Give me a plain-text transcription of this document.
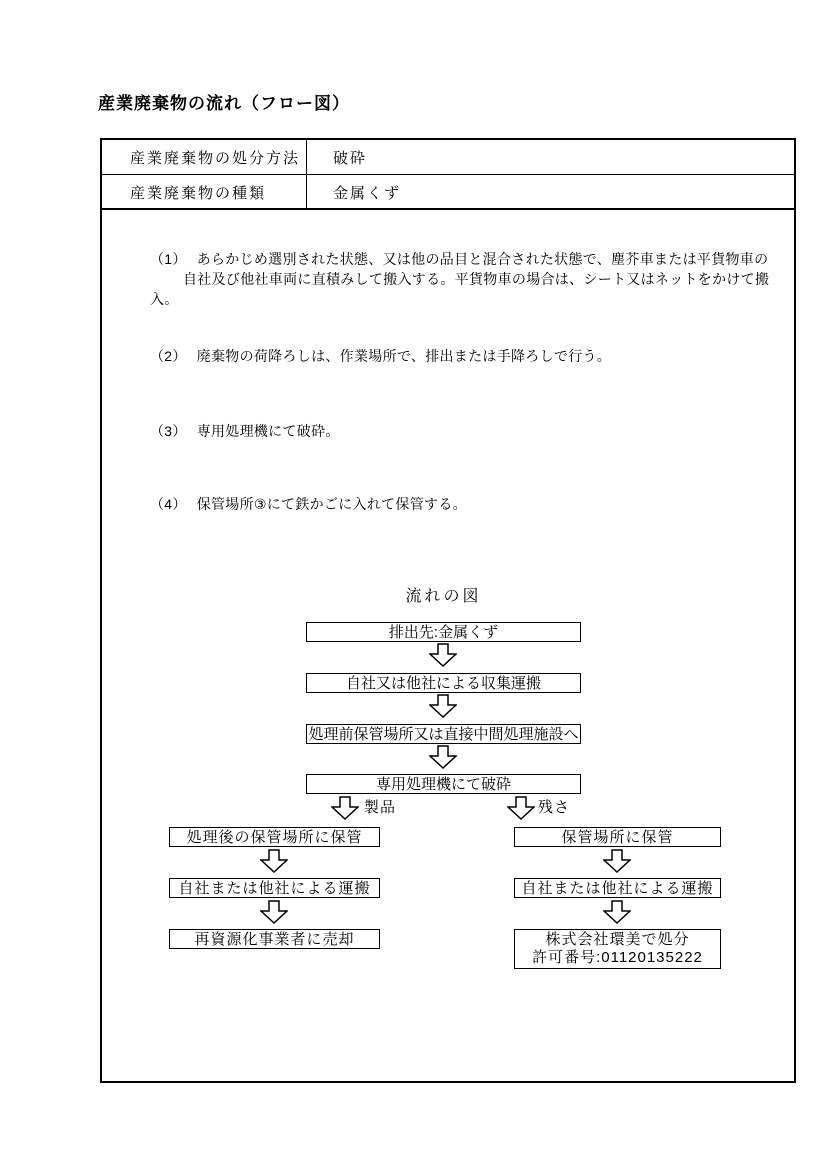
産業廃棄物の流れ（フロー図）
産業廃棄物の処分方法	破砕
産業廃棄物の種類	金属くず
（1） あらかじめ選別された状態、又は他の品目と混合された状態で、塵芥車または平貨物車の
自社及び他社車両に直積みして搬入する。平貨物車の場合は、シート又はネットをかけて搬
入。
（2） 廃棄物の荷降ろしは、作業場所で、排出または手降ろしで行う。
（3） 専用処理機にて破砕。
（4） 保管場所③にて鉄かごに入れて保管する。
流れの図
排出先:金属くず
自社又は他社による収集運搬
処理前保管場所又は直接中間処理施設へ
専用処理機にて破砕
製品	残さ
処理後の保管場所に保管
自社または他社による運搬
再資源化事業者に売却
保管場所に保管
自社または他社による運搬
株式会社環美で処分
許可番号:01120135222
